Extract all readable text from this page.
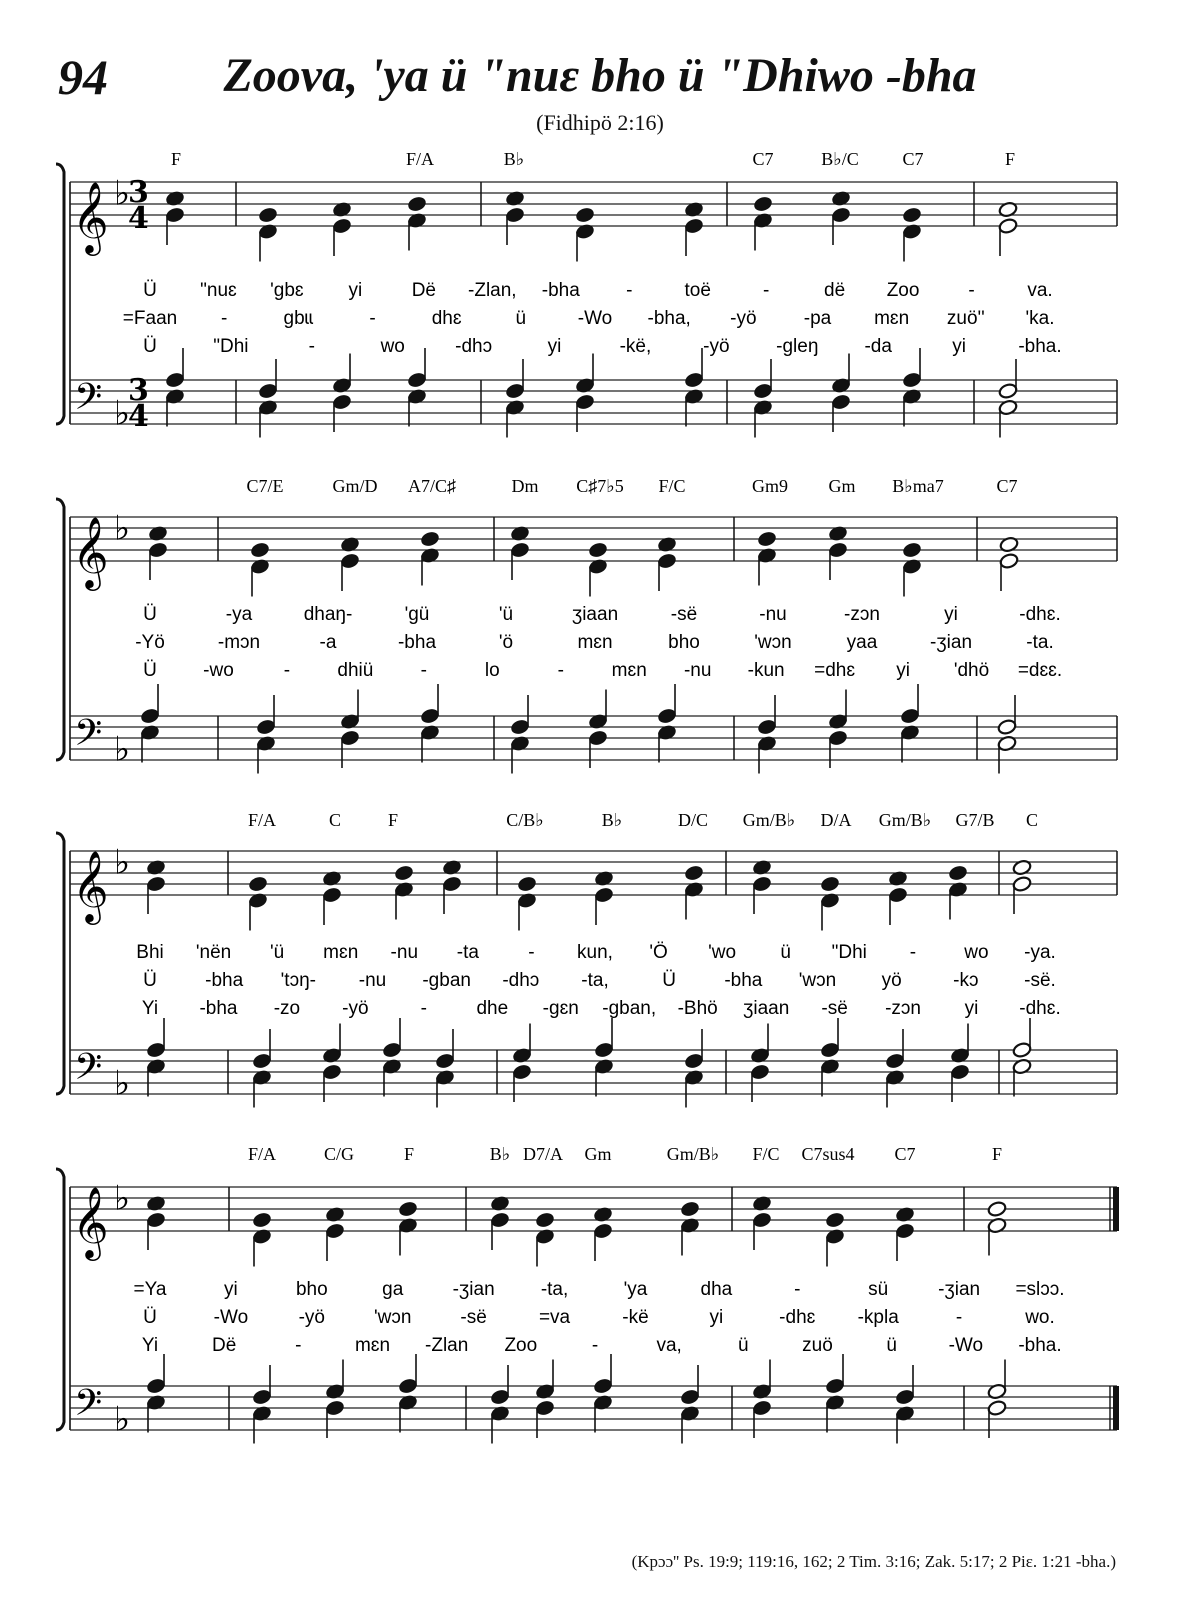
94	Zoova, 'ya ü "nuɛ bho ü "Dhiwo -bha
(Fidhipö 2:16)
𝄞 ♭
3
4
𝄢 ♭
3
4
F	F/A	B♭	C7	B♭/C C7	F
Ü "nuɛ 'gbɛ yi	Dë -Zlan, -bha -	toë	-	dë Zoo	-	va.
=Faan -	gbɩɩ	-	dhɛ	ü	-Wo -bha, -yö -pa mɛn zuö'' 'ka.
Ü	"Dhi	-	wo	-dhɔ	yi	-kë,	-yö -gleŋ -da	yi	-bha.
𝄞 ♭
𝄢 ♭
C7/E	Gm/D A7/C♯	Dm C♯7♭5 F/C	Gm9 Gm B♭ma7	C7
Ü	-ya	dhaŋ-	'gü	'ü	ʒiaan	-së	-nu	-zɔn	yi	-dhɛ.
-Yö	-mɔn	-a	-bha	'ö	mɛn	bho	'wɔn	yaa	-ʒian	-ta.
Ü -wo	- dhiü -	lo	-	mɛn -nu -kun =dhɛ yi 'dhö =dɛɛ.
𝄞 ♭
𝄢 ♭
F/A	C	F	C/B♭	B♭	D/C Gm/B♭ D/A Gm/B♭ G7/B C
Bhi 'nën 'ü mɛn -nu -ta	- kun, 'Ö 'wo ü "Dhi -	wo -ya.
Ü	-bha 'tɔŋ- -nu -gban -dhɔ -ta,	Ü	-bha 'wɔn yö	-kɔ -së.
Yi -bha -zo -yö	-	dhe -gɛn -gban, -Bhö ʒiaan -së -zɔn yi -dhɛ.
𝄞 ♭
𝄢 ♭
F/A	C/G	F	B♭ D7/A Gm	Gm/B♭ F/C C7sus4 C7	F
=Ya	yi	bho	ga	-ʒian -ta,	'ya	dha	-	sü	-ʒian =slɔɔ.
Ü	-Wo	-yö	'wɔn	-së	=va	-kë	yi	-dhɛ -kpla	-	wo.
Yi	Dë	-	mɛn -Zlan Zoo	-	va,	ü	zuö	ü	-Wo -bha.
(Kpɔɔ'' Ps. 19:9; 119:16, 162; 2 Tim. 3:16; Zak. 5:17; 2 Piɛ. 1:21 -bha.)
